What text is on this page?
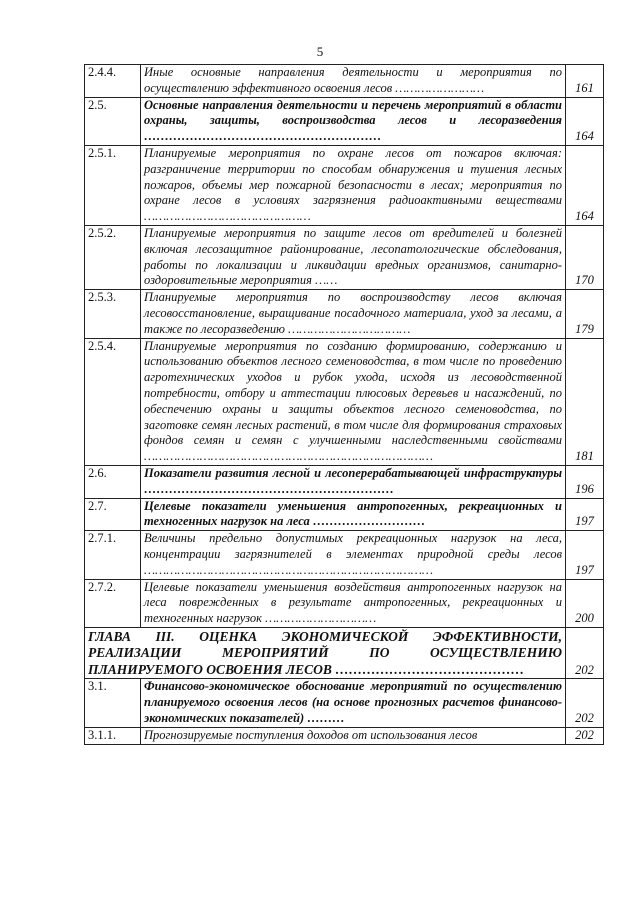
5
2.4.4.	Иные основные направления деятельности и мероприятия по осуществлению эффективного освоения лесов ……………………	161
2.5.	Основные направления деятельности и перечень мероприятий в области охраны, защиты, воспроизводства лесов и лесоразведения …………………………………………………	164
2.5.1.	Планируемые мероприятия по охране лесов от пожаров включая: разграничение территории по способам обнаружения и тушения лесных пожаров, объемы мер пожарной безопасности в лесах; мероприятия по охране лесов в условиях загрязнения радиоактивными веществами ………………………………………	164
2.5.2.	Планируемые мероприятия по защите лесов от вредителей и болезней включая лесозащитное районирование, лесопатологические обследования, работы по локализации и ликвидации вредных организмов, санитарно-оздоровительные мероприятия ……	170
2.5.3.	Планируемые мероприятия по воспроизводству лесов включая лесовосстановление, выращивание посадочного материала, уход за лесами, а также по лесоразведению ……………………………	179
2.5.4.	Планируемые мероприятия по созданию формированию, содержанию и использованию объектов лесного семеноводства, в том числе по проведению агротехнических уходов и рубок ухода, исходя из лесоводственной потребности, отбору и аттестации плюсовых деревьев и насаждений, по обеспечению охраны и защиты объектов лесного семеноводства, по заготовке семян лесных растений, в том числе для формирования страховых фондов семян и семян с улучшенными наследственными свойствами ……………………………………………………………………	181
2.6.	Показатели развития лесной и лесоперерабатывающей инфраструктуры ……………………………………………………	196
2.7.	Целевые показатели уменьшения антропогенных, рекреационных и техногенных нагрузок на леса ………………………	197
2.7.1.	Величины предельно допустимых рекреационных нагрузок на леса, концентрации загрязнителей в элементах природной среды лесов ……………………………………………………………………	197
2.7.2.	Целевые показатели уменьшения воздействия антропогенных нагрузок на леса поврежденных в результате антропогенных, рекреационных и техногенных нагрузок …………………………	200
ГЛАВА III. ОЦЕНКА ЭКОНОМИЧЕСКОЙ ЭФФЕКТИВНОСТИ, РЕАЛИЗАЦИИ МЕРОПРИЯТИЙ ПО ОСУЩЕСТВЛЕНИЮ ПЛАНИРУЕМОГО ОСВОЕНИЯ ЛЕСОВ ……………………………………		202
3.1.	Финансово-экономическое обоснование мероприятий по осуществлению планируемого освоения лесов (на основе прогнозных расчетов финансово-экономических показателей) ………	202
3.1.1.	Прогнозируемые поступления доходов от использования лесов	202
